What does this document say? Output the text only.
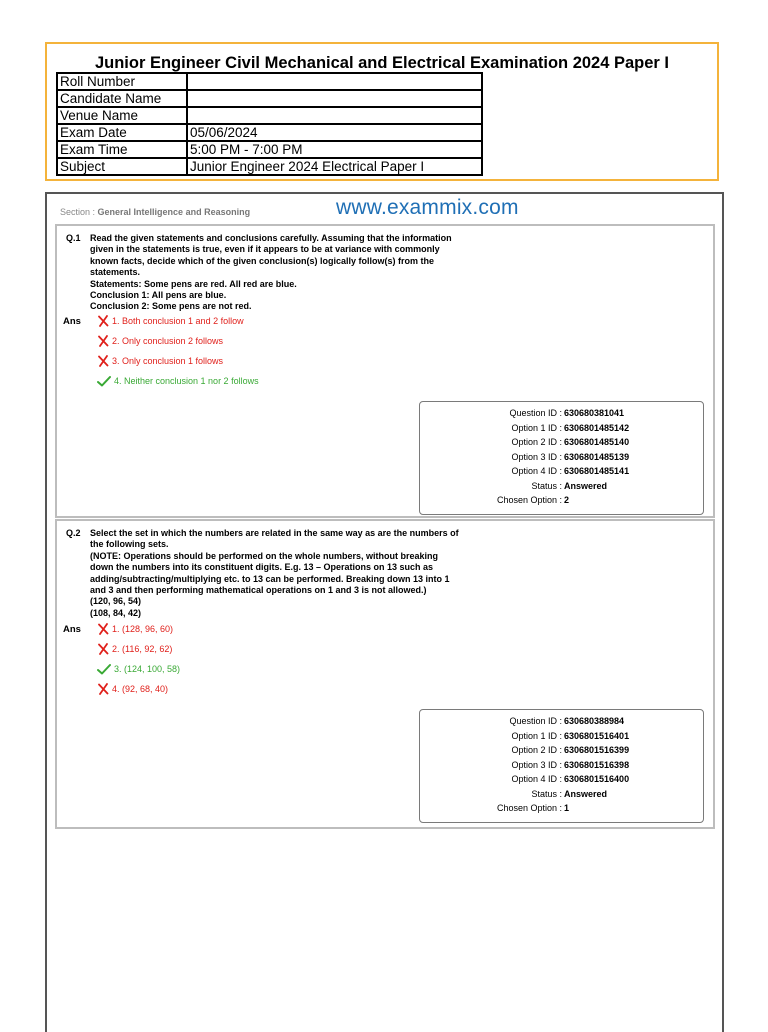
Junior Engineer Civil Mechanical and Electrical Examination 2024 Paper I
Roll Number	
Candidate Name	
Venue Name	
Exam Date	05/06/2024
Exam Time	5:00 PM - 7:00 PM
Subject	Junior Engineer 2024 Electrical Paper I
Section : General Intelligence and Reasoning	www.exammix.com
Q.1 Read the given statements and conclusions carefully. Assuming that the information
given in the statements is true, even if it appears to be at variance with commonly
known facts, decide which of the given conclusion(s) logically follow(s) from the
statements.
Statements: Some pens are red. All red are blue.
Conclusion 1: All pens are blue.
Conclusion 2: Some pens are not red.
Ans	1. Both conclusion 1 and 2 follow
2. Only conclusion 2 follows
3. Only conclusion 1 follows
4. Neither conclusion 1 nor 2 follows
Question ID : 630680381041
Option 1 ID : 6306801485142
Option 2 ID : 6306801485140
Option 3 ID : 6306801485139
Option 4 ID : 6306801485141
Status : Answered
Chosen Option : 2
Q.2 Select the set in which the numbers are related in the same way as are the numbers of
the following sets.
(NOTE: Operations should be performed on the whole numbers, without breaking
down the numbers into its constituent digits. E.g. 13 – Operations on 13 such as
adding/subtracting/multiplying etc. to 13 can be performed. Breaking down 13 into 1
and 3 and then performing mathematical operations on 1 and 3 is not allowed.)
(120, 96, 54)
(108, 84, 42)
Ans	1. (128, 96, 60)
2. (116, 92, 62)
3. (124, 100, 58)
4. (92, 68, 40)
Question ID : 630680388984
Option 1 ID : 6306801516401
Option 2 ID : 6306801516399
Option 3 ID : 6306801516398
Option 4 ID : 6306801516400
Status : Answered
Chosen Option : 1
